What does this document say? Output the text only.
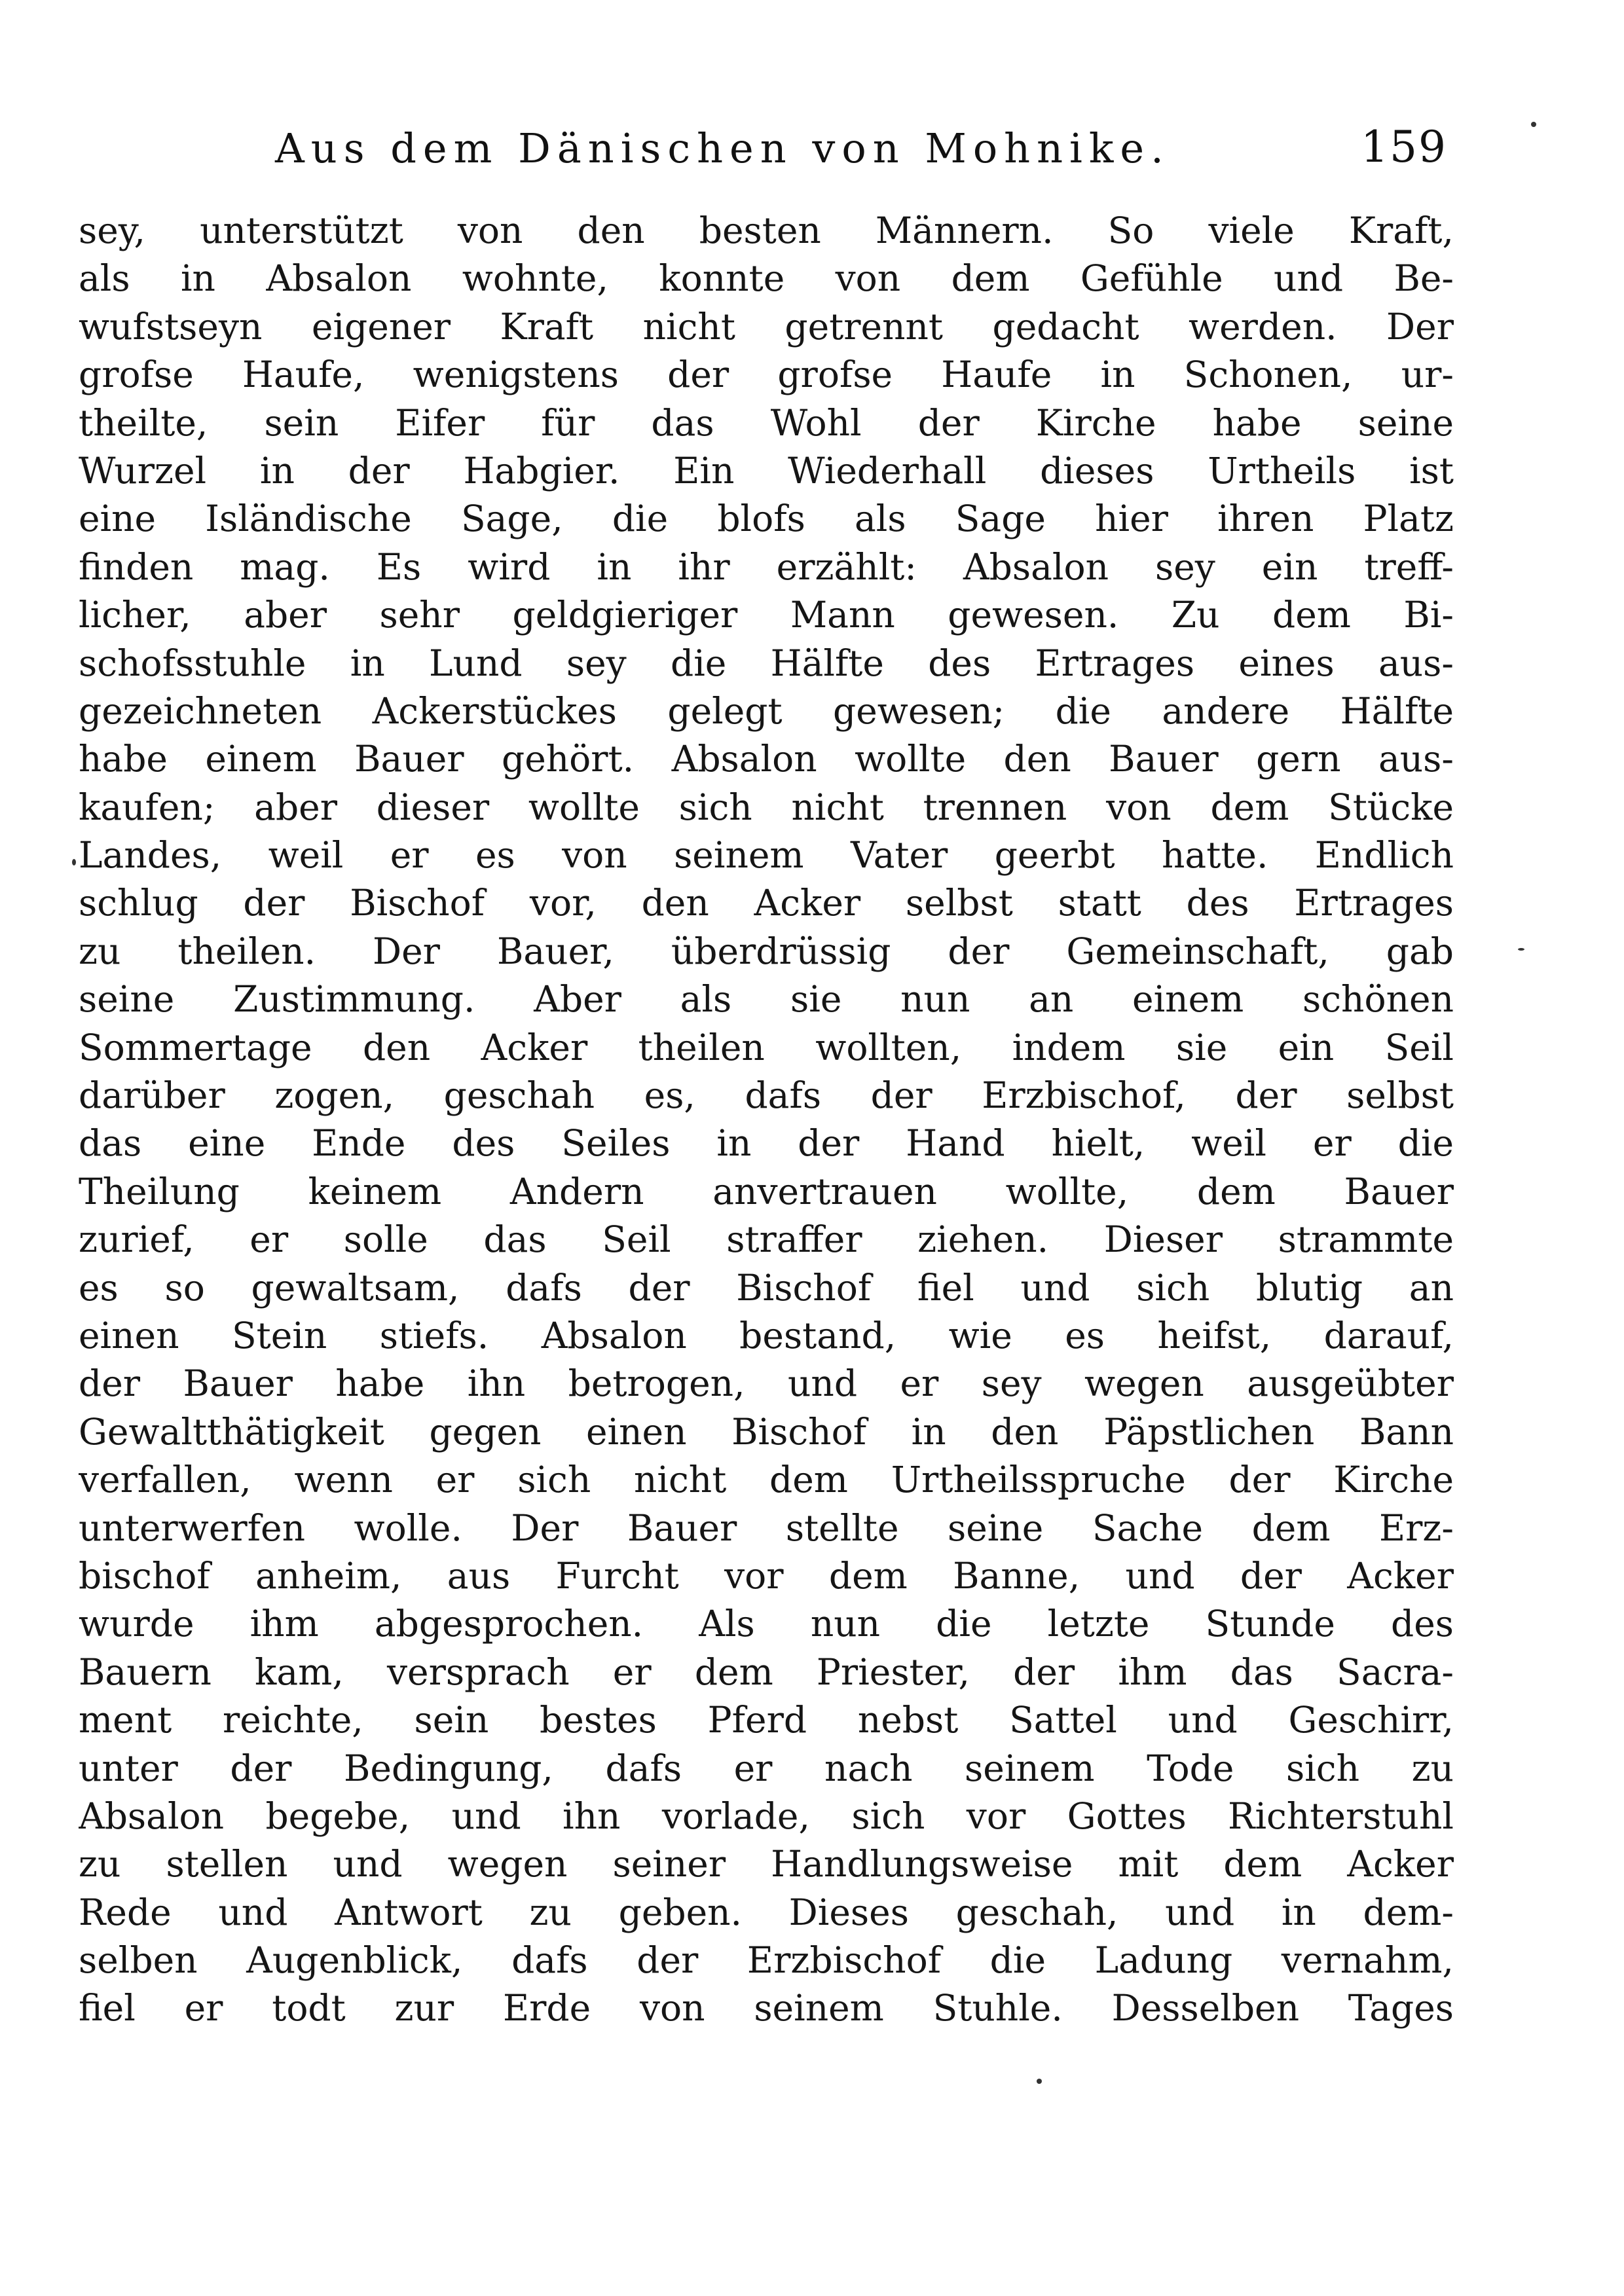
Aus dem Dänischen von Mohnike.	159
sey, unterstützt von den besten Männern. So viele Kraft,
als in Absalon wohnte, konnte von dem Gefühle und Be-
wufstseyn eigener Kraft nicht getrennt gedacht werden. Der
grofse Haufe, wenigstens der grofse Haufe in Schonen, ur-
theilte, sein Eifer für das Wohl der Kirche habe seine
Wurzel in der Habgier. Ein Wiederhall dieses Urtheils ist
eine Isländische Sage, die blofs als Sage hier ihren Platz
finden mag. Es wird in ihr erzählt: Absalon sey ein treff-
licher, aber sehr geldgieriger Mann gewesen. Zu dem Bi-
schofsstuhle in Lund sey die Hälfte des Ertrages eines aus-
gezeichneten Ackerstückes gelegt gewesen; die andere Hälfte
habe einem Bauer gehört. Absalon wollte den Bauer gern aus-
kaufen; aber dieser wollte sich nicht trennen von dem Stücke
Landes, weil er es von seinem Vater geerbt hatte. Endlich
schlug der Bischof vor, den Acker selbst statt des Ertrages
zu theilen. Der Bauer, überdrüssig der Gemeinschaft, gab
seine Zustimmung. Aber als sie nun an einem schönen
Sommertage den Acker theilen wollten, indem sie ein Seil
darüber zogen, geschah es, dafs der Erzbischof, der selbst
das eine Ende des Seiles in der Hand hielt, weil er die
Theilung keinem Andern anvertrauen wollte, dem Bauer
zurief, er solle das Seil straffer ziehen. Dieser strammte
es so gewaltsam, dafs der Bischof fiel und sich blutig an
einen Stein stiefs. Absalon bestand, wie es heifst, darauf,
der Bauer habe ihn betrogen, und er sey wegen ausgeübter
Gewaltthätigkeit gegen einen Bischof in den Päpstlichen Bann
verfallen, wenn er sich nicht dem Urtheilsspruche der Kirche
unterwerfen wolle. Der Bauer stellte seine Sache dem Erz-
bischof anheim, aus Furcht vor dem Banne, und der Acker
wurde ihm abgesprochen. Als nun die letzte Stunde des
Bauern kam, versprach er dem Priester, der ihm das Sacra-
ment reichte, sein bestes Pferd nebst Sattel und Geschirr,
unter der Bedingung, dafs er nach seinem Tode sich zu
Absalon begebe, und ihn vorlade, sich vor Gottes Richterstuhl
zu stellen und wegen seiner Handlungsweise mit dem Acker
Rede und Antwort zu geben. Dieses geschah, und in dem-
selben Augenblick, dafs der Erzbischof die Ladung vernahm,
fiel er todt zur Erde von seinem Stuhle. Desselben Tages
